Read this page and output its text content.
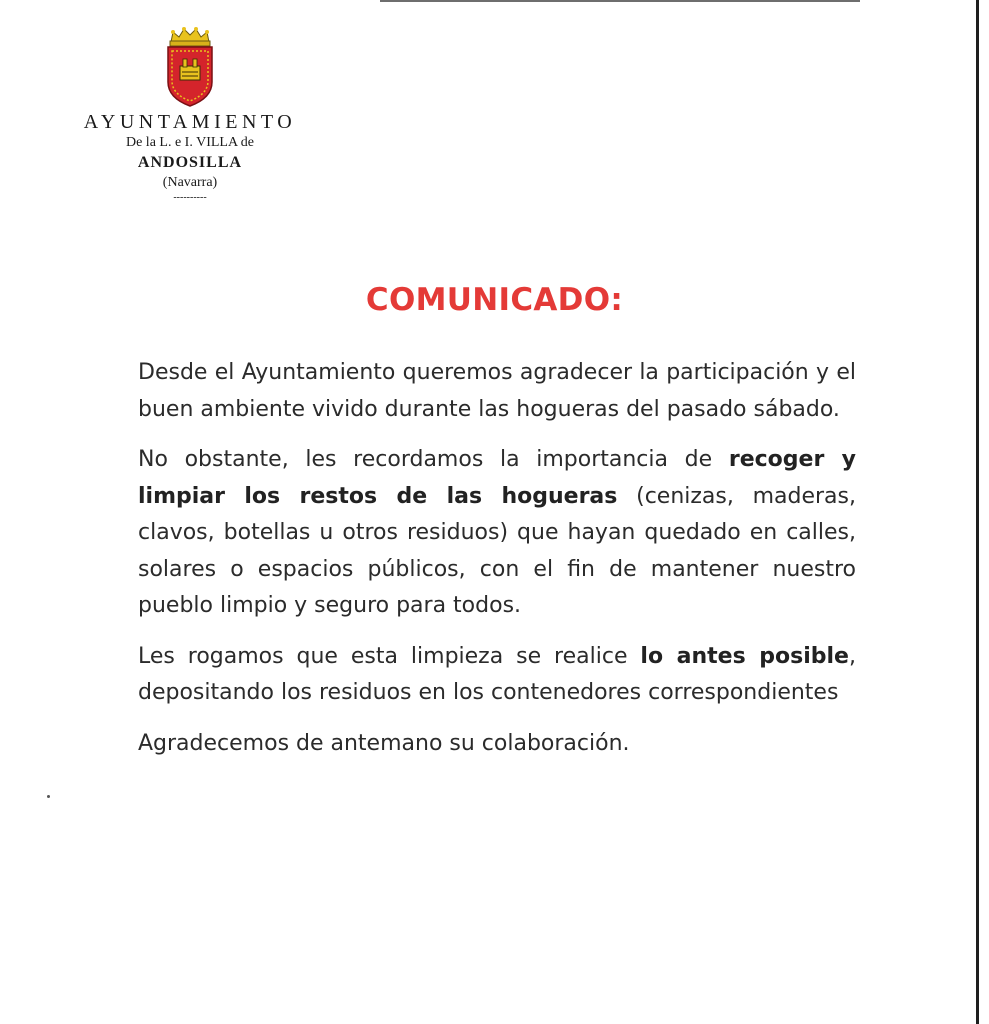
AYUNTAMIENTO
De la L. e I. VILLA de
ANDOSILLA
(Navarra)
----------
COMUNICADO:

Desde el Ayuntamiento queremos agradecer la participación y el buen ambiente vivido durante las hogueras del pasado sábado.

No obstante, les recordamos la importancia de recoger y limpiar los restos de las hogueras (cenizas, maderas, clavos, botellas u otros residuos) que hayan quedado en calles, solares o espacios públicos, con el fin de mantener nuestro pueblo limpio y seguro para todos.

Les rogamos que esta limpieza se realice lo antes posible, depositando los residuos en los contenedores correspondientes

Agradecemos de antemano su colaboración.
